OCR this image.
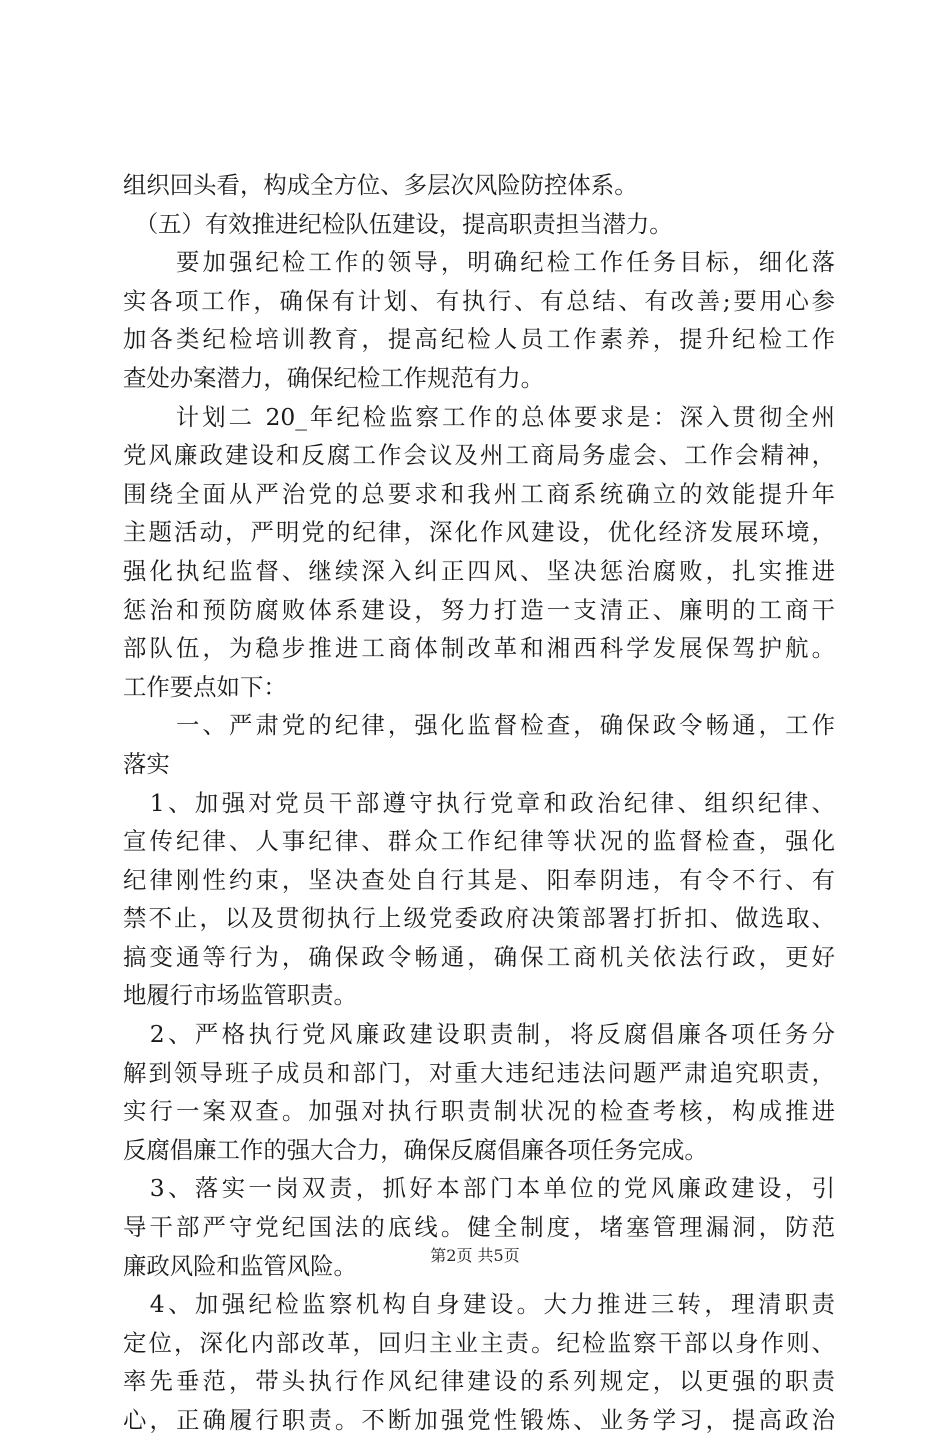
组织回头看，构成全方位、多层次风险防控体系。
　（五）有效推进纪检队伍建设，提高职责担当潜力。
　　要加强纪检工作的领导，明确纪检工作任务目标，细化落
实各项工作，确保有计划、有执行、有总结、有改善;要用心参
加各类纪检培训教育，提高纪检人员工作素养，提升纪检工作
查处办案潜力，确保纪检工作规范有力。
　　计划二 20_年纪检监察工作的总体要求是：深入贯彻全州
党风廉政建设和反腐工作会议及州工商局务虚会、工作会精神，
围绕全面从严治党的总要求和我州工商系统确立的效能提升年
主题活动，严明党的纪律，深化作风建设，优化经济发展环境，
强化执纪监督、继续深入纠正四风、坚决惩治腐败，扎实推进
惩治和预防腐败体系建设，努力打造一支清正、廉明的工商干
部队伍，为稳步推进工商体制改革和湘西科学发展保驾护航。
工作要点如下：
　　一、严肃党的纪律，强化监督检查，确保政令畅通，工作
落实
　1、加强对党员干部遵守执行党章和政治纪律、组织纪律、
宣传纪律、人事纪律、群众工作纪律等状况的监督检查，强化
纪律刚性约束，坚决查处自行其是、阳奉阴违，有令不行、有
禁不止，以及贯彻执行上级党委政府决策部署打折扣、做选取、
搞变通等行为，确保政令畅通，确保工商机关依法行政，更好
地履行市场监管职责。
　2、严格执行党风廉政建设职责制，将反腐倡廉各项任务分
解到领导班子成员和部门，对重大违纪违法问题严肃追究职责，
实行一案双查。加强对执行职责制状况的检查考核，构成推进
反腐倡廉工作的强大合力，确保反腐倡廉各项任务完成。
　3、落实一岗双责，抓好本部门本单位的党风廉政建设，引
导干部严守党纪国法的底线。健全制度，堵塞管理漏洞，防范
廉政风险和监管风险。
　4、加强纪检监察机构自身建设。大力推进三转，理清职责
定位，深化内部改革，回归主业主责。纪检监察干部以身作则、
率先垂范，带头执行作风纪律建设的系列规定，以更强的职责
心，正确履行职责。不断加强党性锻炼、业务学习，提高政治
第2页 共5页
